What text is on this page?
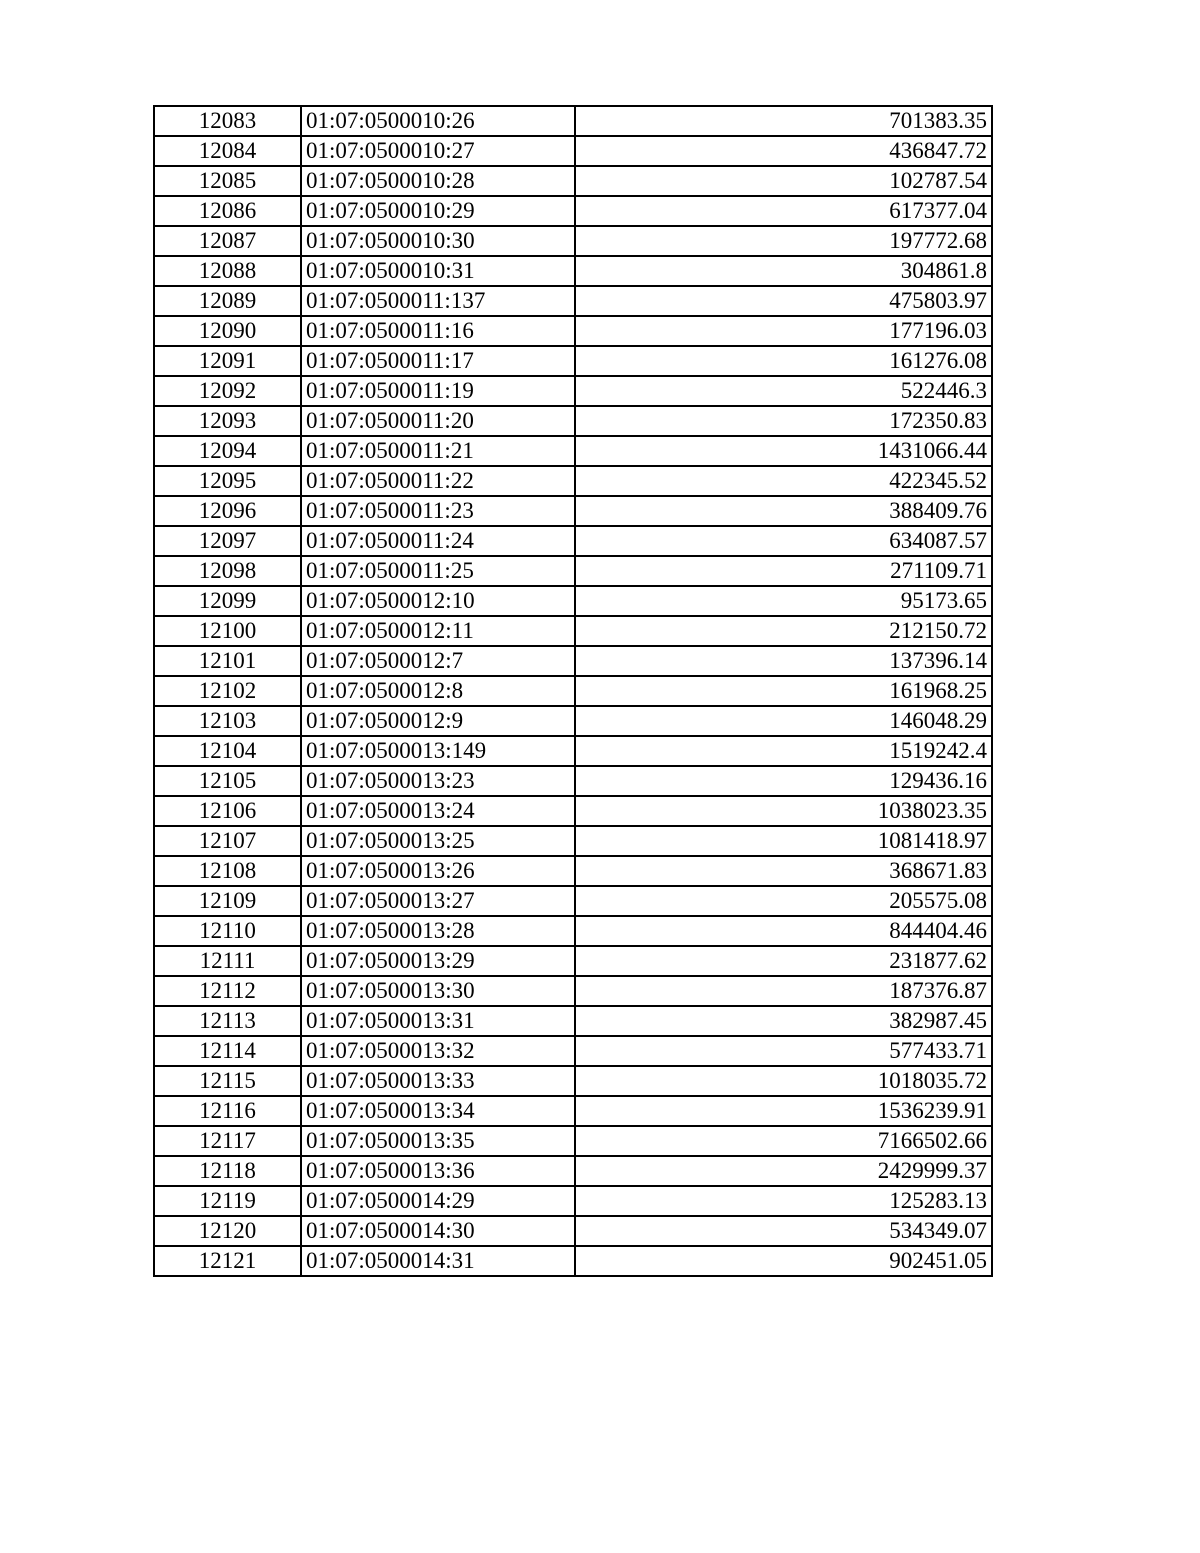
12083	01:07:0500010:26	701383.35
12084	01:07:0500010:27	436847.72
12085	01:07:0500010:28	102787.54
12086	01:07:0500010:29	617377.04
12087	01:07:0500010:30	197772.68
12088	01:07:0500010:31	304861.8
12089	01:07:0500011:137	475803.97
12090	01:07:0500011:16	177196.03
12091	01:07:0500011:17	161276.08
12092	01:07:0500011:19	522446.3
12093	01:07:0500011:20	172350.83
12094	01:07:0500011:21	1431066.44
12095	01:07:0500011:22	422345.52
12096	01:07:0500011:23	388409.76
12097	01:07:0500011:24	634087.57
12098	01:07:0500011:25	271109.71
12099	01:07:0500012:10	95173.65
12100	01:07:0500012:11	212150.72
12101	01:07:0500012:7	137396.14
12102	01:07:0500012:8	161968.25
12103	01:07:0500012:9	146048.29
12104	01:07:0500013:149	1519242.4
12105	01:07:0500013:23	129436.16
12106	01:07:0500013:24	1038023.35
12107	01:07:0500013:25	1081418.97
12108	01:07:0500013:26	368671.83
12109	01:07:0500013:27	205575.08
12110	01:07:0500013:28	844404.46
12111	01:07:0500013:29	231877.62
12112	01:07:0500013:30	187376.87
12113	01:07:0500013:31	382987.45
12114	01:07:0500013:32	577433.71
12115	01:07:0500013:33	1018035.72
12116	01:07:0500013:34	1536239.91
12117	01:07:0500013:35	7166502.66
12118	01:07:0500013:36	2429999.37
12119	01:07:0500014:29	125283.13
12120	01:07:0500014:30	534349.07
12121	01:07:0500014:31	902451.05
